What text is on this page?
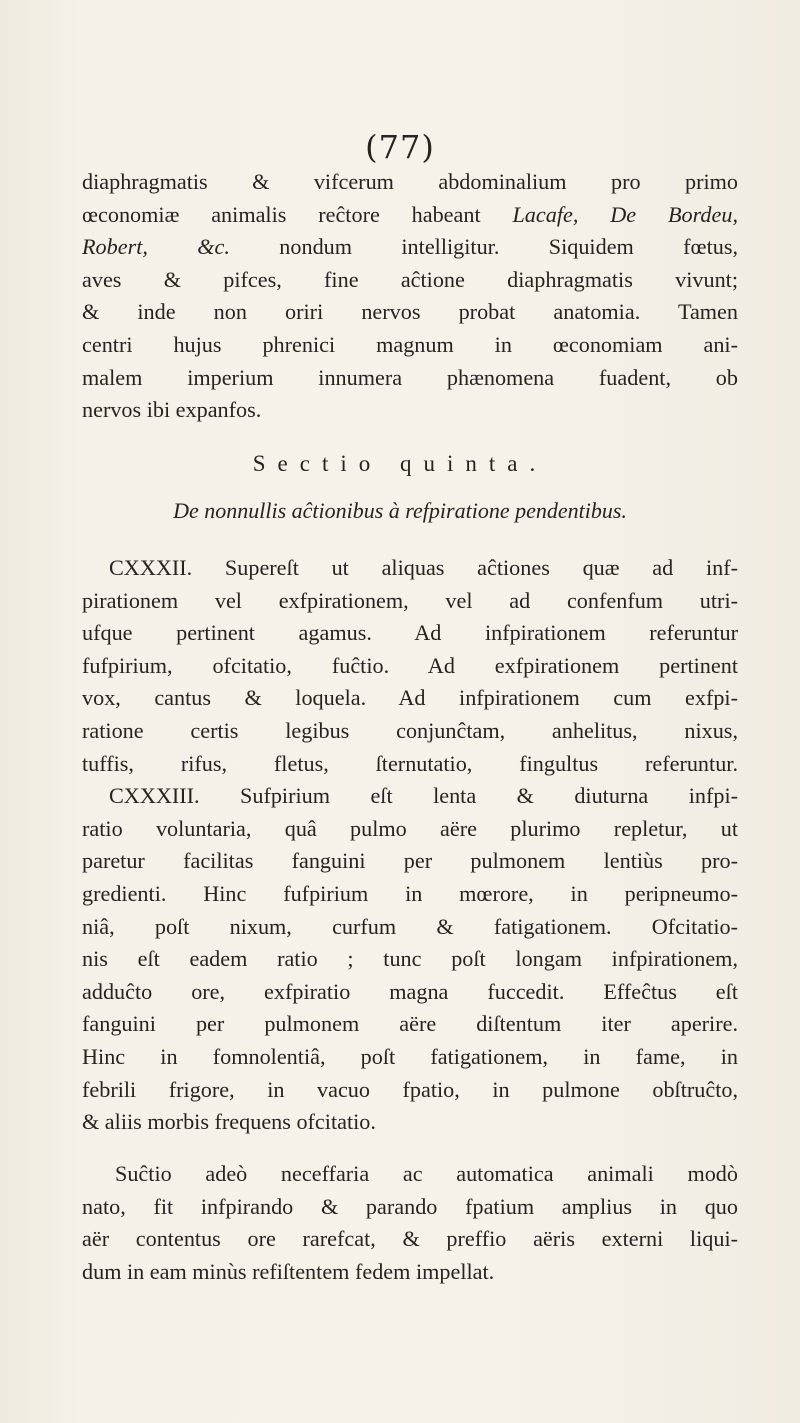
(77)
diaphragmatis & vifcerum abdominalium pro primo
œconomiæ animalis reĉtore habeant Lacafe, De Bordeu,
Robert, &c. nondum intelligitur. Siquidem fœtus,
aves & pifces, fine aĉtione diaphragmatis vivunt;
& inde non oriri nervos probat anatomia. Tamen
centri hujus phrenici magnum in œconomiam ani-
malem imperium innumera phænomena fuadent, ob
nervos ibi expanfos.
Sectio quinta.
De nonnullis aĉtionibus à refpiratione pendentibus.
CXXXII. Supereſt ut aliquas aĉtiones quæ ad inf-
pirationem vel exfpirationem, vel ad confenfum utri-
ufque pertinent agamus. Ad infpirationem referuntur
fufpirium, ofcitatio, fuĉtio. Ad exfpirationem pertinent
vox, cantus & loquela. Ad infpirationem cum exfpi-
ratione certis legibus conjunĉtam, anhelitus, nixus,
tuffis, rifus, fletus, ſternutatio, fingultus referuntur.
CXXXIII. Sufpirium eſt lenta & diuturna infpi-
ratio voluntaria, quâ pulmo aëre plurimo repletur, ut
paretur facilitas fanguini per pulmonem lentiùs pro-
gredienti. Hinc fufpirium in mœrore, in peripneumo-
niâ, poſt nixum, curfum & fatigationem. Ofcitatio-
nis eſt eadem ratio ; tunc poſt longam infpirationem,
adduĉto ore, exfpiratio magna fuccedit. Effeĉtus eſt
fanguini per pulmonem aëre diſtentum iter aperire.
Hinc in fomnolentiâ, poſt fatigationem, in fame, in
febrili frigore, in vacuo fpatio, in pulmone obſtruĉto,
& aliis morbis frequens ofcitatio.
Suĉtio adeò neceffaria ac automatica animali modò
nato, fit infpirando & parando fpatium amplius in quo
aër contentus ore rarefcat, & preffio aëris externi liqui-
dum in eam minùs refiſtentem fedem impellat.
